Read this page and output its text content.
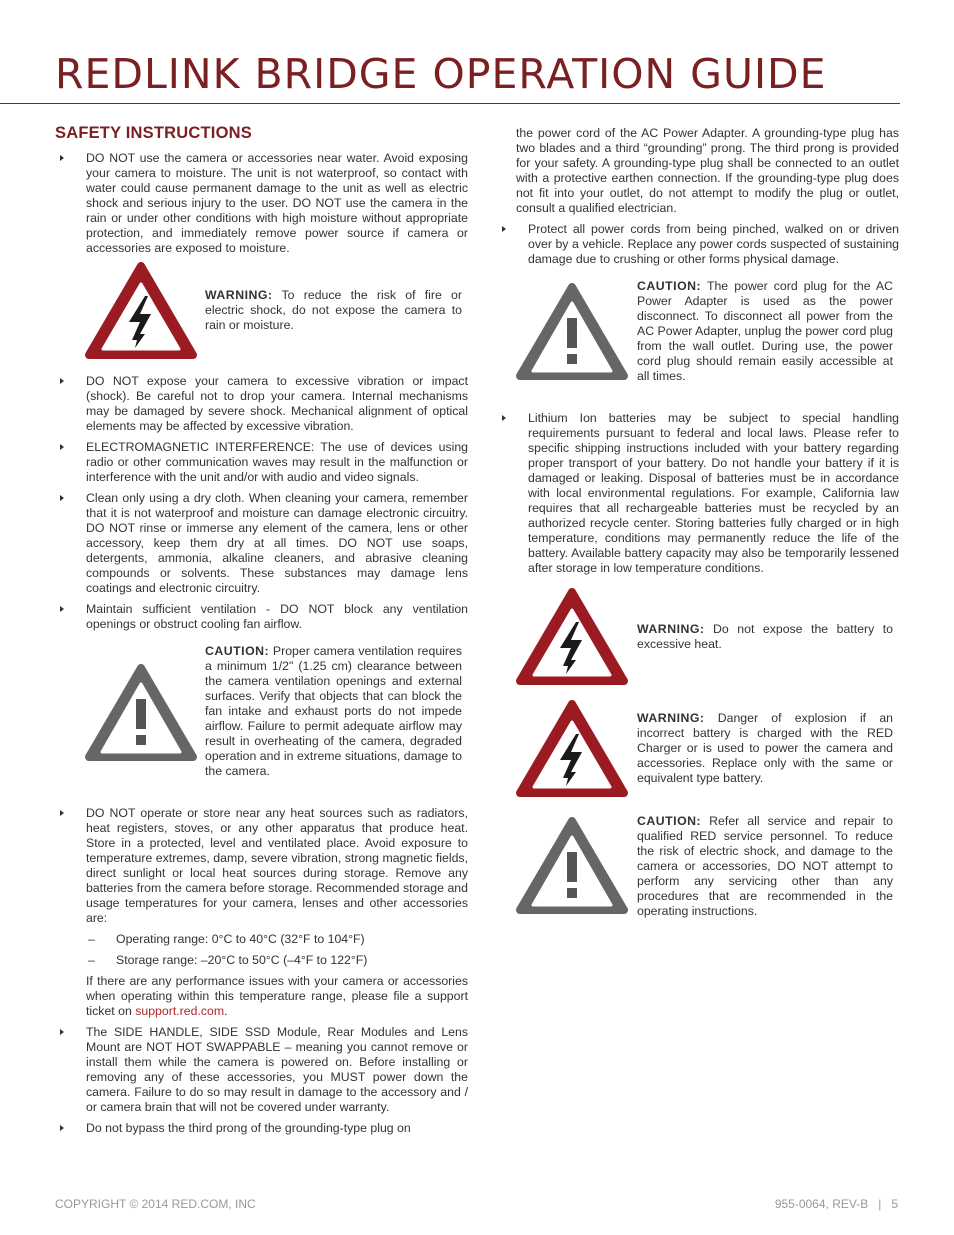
REDLINK BRIDGE OPERATION GUIDE
SAFETY INSTRUCTIONS
DO NOT use the camera or accessories near water. Avoid exposing your camera to moisture. The unit is not waterproof, so contact with water could cause permanent damage to the unit as well as electric shock and serious injury to the user. DO NOT use the camera in the rain or under other conditions with high moisture without appropriate protection, and immediately remove power source if camera or accessories are exposed to moisture.
WARNING: To reduce the risk of fire or electric shock, do not expose the camera to rain or moisture.
DO NOT expose your camera to excessive vibration or impact (shock). Be careful not to drop your camera. Internal mechanisms may be damaged by severe shock. Mechanical alignment of optical elements may be affected by excessive vibration.
ELECTROMAGNETIC INTERFERENCE: The use of devices using radio or other communication waves may result in the malfunction or interference with the unit and/or with audio and video signals.
Clean only using a dry cloth. When cleaning your camera, remember that it is not waterproof and moisture can damage electronic circuitry. DO NOT rinse or immerse any element of the camera, lens or other accessory, keep them dry at all times. DO NOT use soaps, detergents, ammonia, alkaline cleaners, and abrasive cleaning compounds or solvents. These substances may damage lens coatings and electronic circuitry.
Maintain sufficient ventilation - DO NOT block any ventilation openings or obstruct cooling fan airflow.
CAUTION: Proper camera ventilation requires a minimum 1/2" (1.25 cm) clearance between the camera ventilation openings and external surfaces. Verify that objects that can block the fan intake and exhaust ports do not impede airflow. Failure to permit adequate airflow may result in overheating of the camera, degraded operation and in extreme situations, damage to the camera.
DO NOT operate or store near any heat sources such as radiators, heat registers, stoves, or any other apparatus that produce heat. Store in a protected, level and ventilated place. Avoid exposure to temperature extremes, damp, severe vibration, strong magnetic fields, direct sunlight or local heat sources during storage. Remove any batteries from the camera before storage. Recommended storage and usage temperatures for your camera, lenses and other accessories are:
– Operating range: 0°C to 40°C (32°F to 104°F)
– Storage range: –20°C to 50°C (–4°F to 122°F)
If there are any performance issues with your camera or accessories when operating within this temperature range, please file a support ticket on support.red.com.
The SIDE HANDLE, SIDE SSD Module, Rear Modules and Lens Mount are NOT HOT SWAPPABLE – meaning you cannot remove or install them while the camera is powered on. Before installing or removing any of these accessories, you MUST power down the camera. Failure to do so may result in damage to the accessory and / or camera brain that will not be covered under warranty.
Do not bypass the third prong of the grounding-type plug on
the power cord of the AC Power Adapter. A grounding-type plug has two blades and a third “grounding” prong. The third prong is provided for your safety. A grounding-type plug shall be connected to an outlet with a protective earthen connection. If the grounding-type plug does not fit into your outlet, do not attempt to modify the plug or outlet, consult a qualified electrician.
Protect all power cords from being pinched, walked on or driven over by a vehicle. Replace any power cords suspected of sustaining damage due to crushing or other forms physical damage.
CAUTION: The power cord plug for the AC Power Adapter is used as the power disconnect. To disconnect all power from the AC Power Adapter, unplug the power cord plug from the wall outlet. During use, the power cord plug should remain easily accessible at all times.
Lithium Ion batteries may be subject to special handling requirements pursuant to federal and local laws. Please refer to specific shipping instructions included with your battery regarding proper transport of your battery. Do not handle your battery if it is damaged or leaking. Disposal of batteries must be in accordance with local environmental regulations. For example, California law requires that all rechargeable batteries must be recycled by an authorized recycle center. Storing batteries fully charged or in high temperature, conditions may permanently reduce the life of the battery. Available battery capacity may also be temporarily lessened after storage in low temperature conditions.
WARNING: Do not expose the battery to excessive heat.
WARNING: Danger of explosion if an incorrect battery is charged with the RED Charger or is used to power the camera and accessories. Replace only with the same or equivalent type battery.
CAUTION: Refer all service and repair to qualified RED service personnel. To reduce the risk of electric shock, and damage to the camera or accessories, DO NOT attempt to perform any servicing other than any procedures that are recommended in the operating instructions.
COPYRIGHT © 2014 RED.COM, INC	955-0064, REV-B   |   5
